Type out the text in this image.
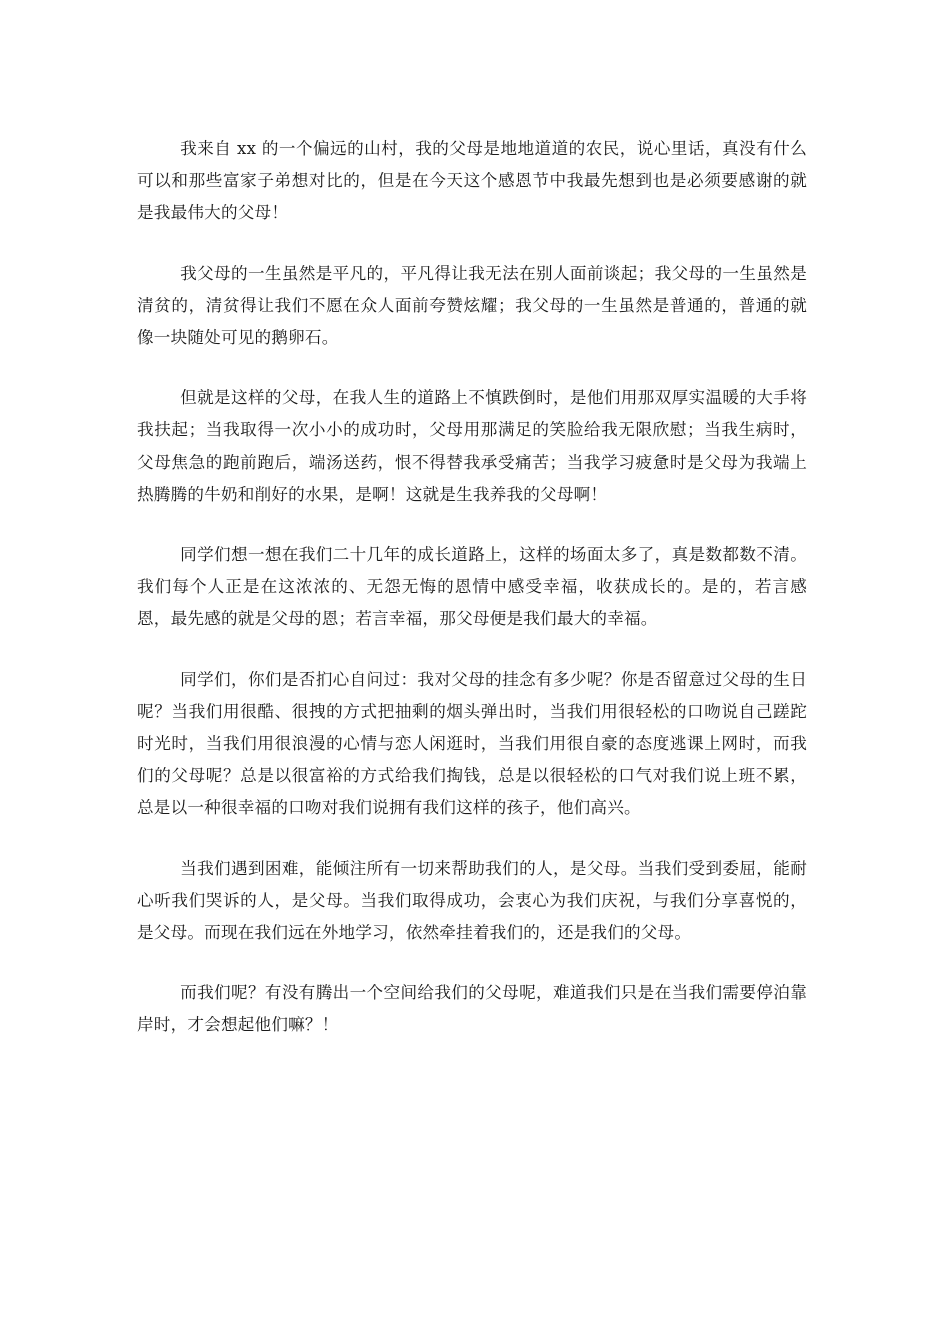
我来自 xx 的一个偏远的山村，我的父母是地地道道的农民，说心里话，真没有什么可以和那些富家子弟想对比的，但是在今天这个感恩节中我最先想到也是必须要感谢的就是我最伟大的父母！

我父母的一生虽然是平凡的，平凡得让我无法在别人面前谈起；我父母的一生虽然是清贫的，清贫得让我们不愿在众人面前夸赞炫耀；我父母的一生虽然是普通的，普通的就像一块随处可见的鹅卵石。

但就是这样的父母，在我人生的道路上不慎跌倒时，是他们用那双厚实温暖的大手将我扶起；当我取得一次小小的成功时，父母用那满足的笑脸给我无限欣慰；当我生病时，父母焦急的跑前跑后，端汤送药，恨不得替我承受痛苦；当我学习疲惫时是父母为我端上热腾腾的牛奶和削好的水果，是啊！这就是生我养我的父母啊！

同学们想一想在我们二十几年的成长道路上，这样的场面太多了，真是数都数不清。我们每个人正是在这浓浓的、无怨无悔的恩情中感受幸福，收获成长的。是的，若言感恩，最先感的就是父母的恩；若言幸福，那父母便是我们最大的幸福。

同学们，你们是否扪心自问过：我对父母的挂念有多少呢？你是否留意过父母的生日呢？当我们用很酷、很拽的方式把抽剩的烟头弹出时，当我们用很轻松的口吻说自己蹉跎时光时，当我们用很浪漫的心情与恋人闲逛时，当我们用很自豪的态度逃课上网时，而我们的父母呢？总是以很富裕的方式给我们掏钱，总是以很轻松的口气对我们说上班不累，总是以一种很幸福的口吻对我们说拥有我们这样的孩子，他们高兴。

当我们遇到困难，能倾注所有一切来帮助我们的人，是父母。当我们受到委屈，能耐心听我们哭诉的人，是父母。当我们取得成功，会衷心为我们庆祝，与我们分享喜悦的，是父母。而现在我们远在外地学习，依然牵挂着我们的，还是我们的父母。

而我们呢？有没有腾出一个空间给我们的父母呢，难道我们只是在当我们需要停泊靠岸时，才会想起他们嘛？！
